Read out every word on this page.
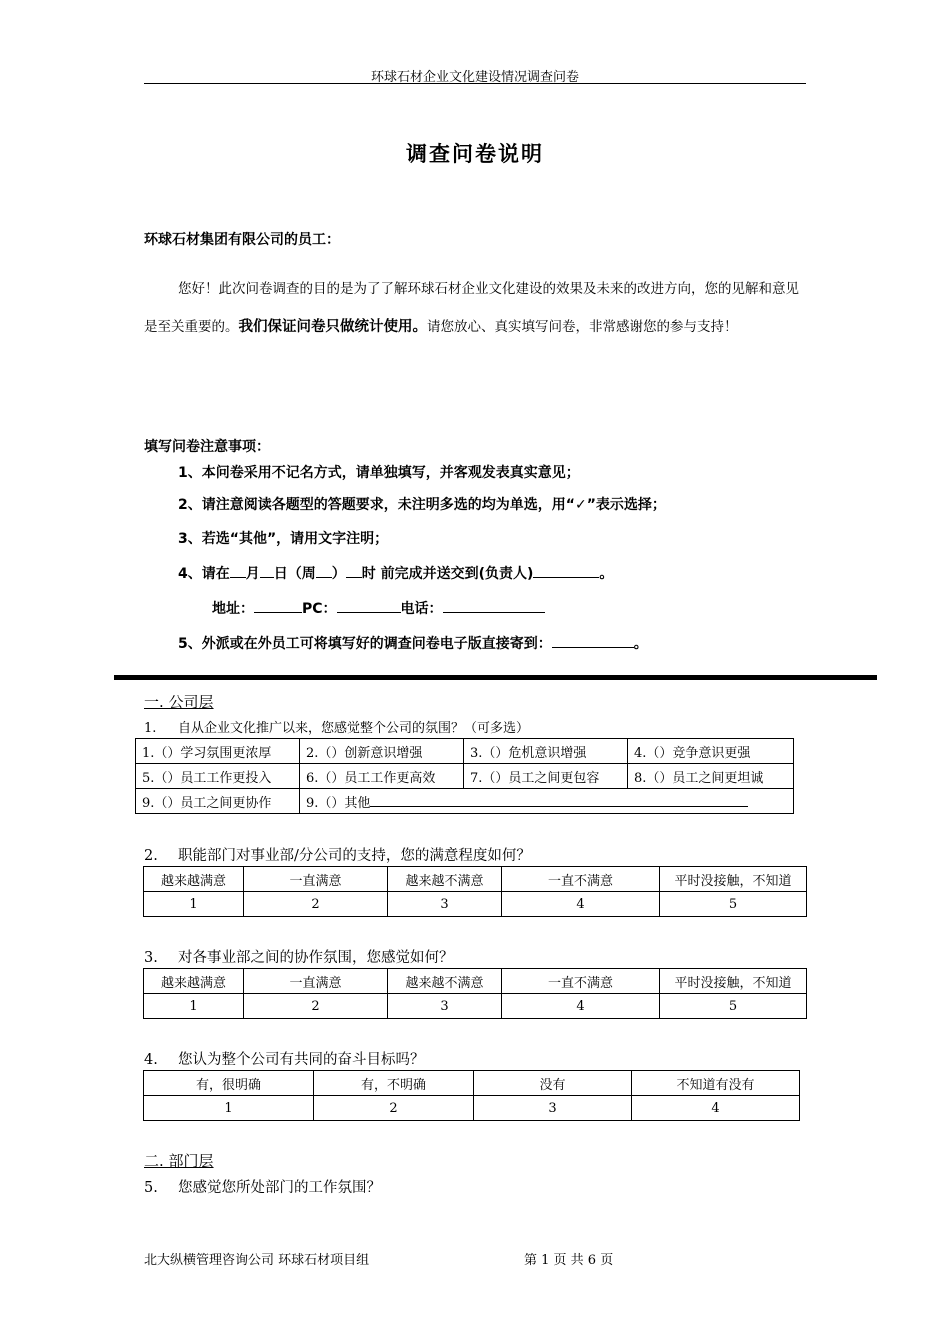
环球石材企业文化建设情况调查问卷
调查问卷说明
环球石材集团有限公司的员工：
您好！此次问卷调查的目的是为了了解环球石材企业文化建设的效果及未来的改进方向，您的见解和意见是至关重要的。我们保证问卷只做统计使用。请您放心、真实填写问卷，非常感谢您的参与支持！
填写问卷注意事项：
1、本问卷采用不记名方式，请单独填写，并客观发表真实意见；
2、请注意阅读各题型的答题要求，未注明多选的均为单选，用“✓”表示选择；
3、若选“其他”，请用文字注明；
4、请在 月 日（周 ） 时 前完成并送交到(负责人)	。
地址：	PC：	电话：
5、外派或在外员工可将填写好的调查问卷电子版直接寄到：	。
一. 公司层
1. 自从企业文化推广以来，您感觉整个公司的氛围？（可多选）
1.（）学习氛围更浓厚	2.（）创新意识增强	3.（）危机意识增强	4.（）竞争意识更强
5.（）员工工作更投入	6.（）员工工作更高效	7.（）员工之间更包容	8.（）员工之间更坦诚
9.（）员工之间更协作	9.（）其他
2. 职能部门对事业部/分公司的支持，您的满意程度如何？
越来越满意	一直满意	越来越不满意	一直不满意	平时没接触，不知道
1	2	3	4	5
3. 对各事业部之间的协作氛围，您感觉如何？
越来越满意	一直满意	越来越不满意	一直不满意	平时没接触，不知道
1	2	3	4	5
4. 您认为整个公司有共同的奋斗目标吗？
有，很明确	有，不明确	没有	不知道有没有
1	2	3	4
二. 部门层
5. 您感觉您所处部门的工作氛围？
北大纵横管理咨询公司 环球石材项目组	第 1 页 共 6 页
